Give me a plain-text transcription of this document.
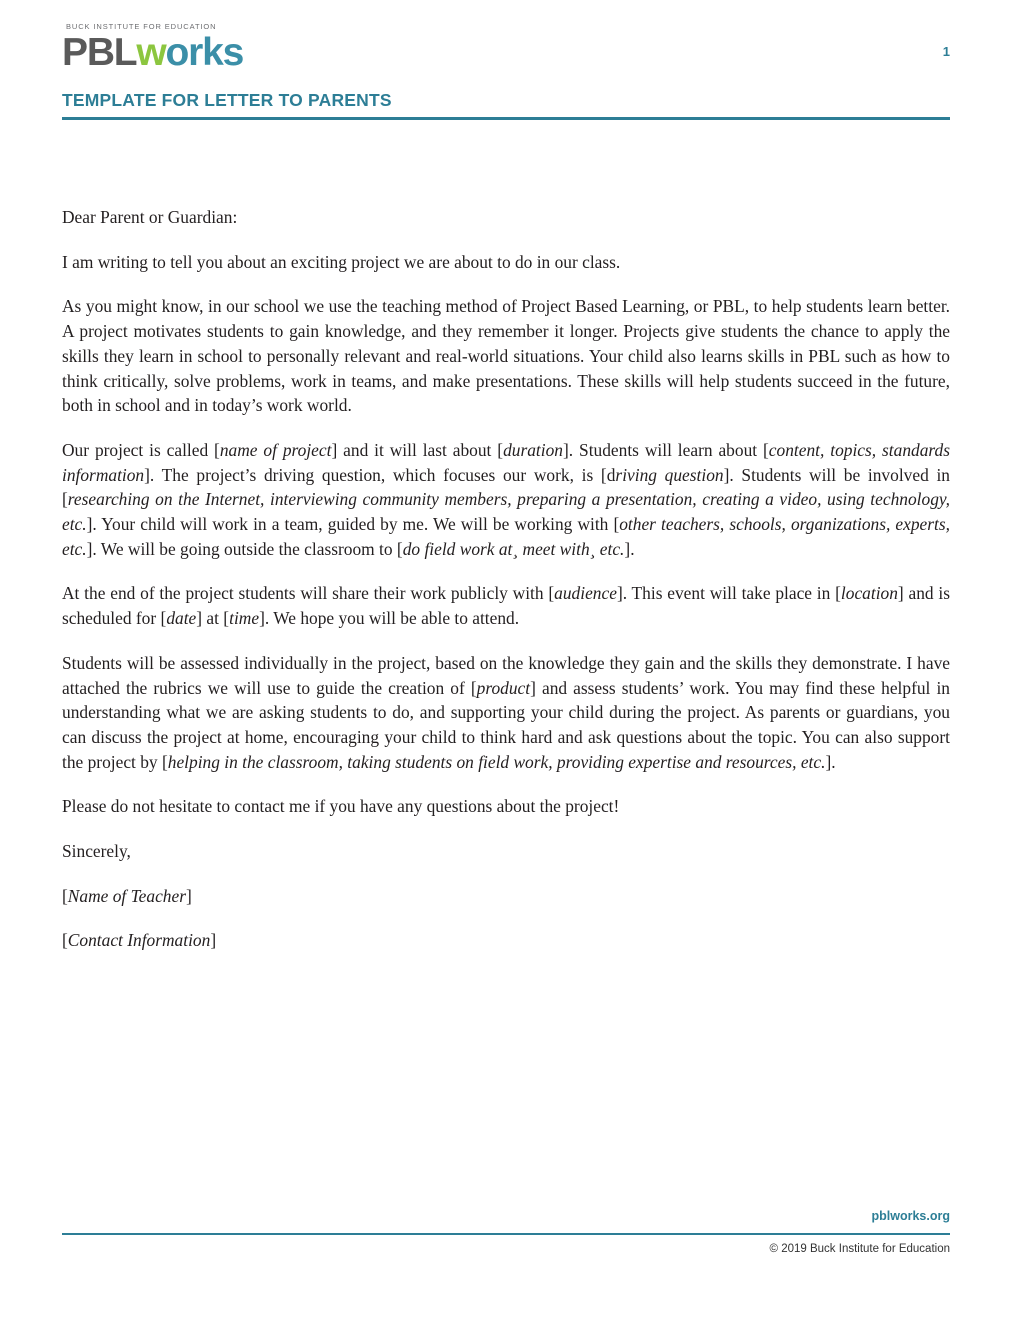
BUCK INSTITUTE FOR EDUCATION
PBLworks	1
TEMPLATE FOR LETTER TO PARENTS

Dear Parent or Guardian:

I am writing to tell you about an exciting project we are about to do in our class.

As you might know, in our school we use the teaching method of Project Based Learning, or PBL, to help students learn better. A project motivates students to gain knowledge, and they remember it longer. Projects give students the chance to apply the skills they learn in school to personally relevant and real-world situations. Your child also learns skills in PBL such as how to think critically, solve problems, work in teams, and make presentations. These skills will help students succeed in the future, both in school and in today’s work world.

Our project is called [name of project] and it will last about [duration]. Students will learn about [content, topics, standards information]. The project’s driving question, which focuses our work, is [driving question]. Students will be involved in [researching on the Internet, interviewing community members, preparing a presentation, creating a video, using technology, etc.]. Your child will work in a team, guided by me. We will be working with [other teachers, schools, organizations, experts, etc.]. We will be going outside the classroom to [do field work at¸ meet with¸ etc.].

At the end of the project students will share their work publicly with [audience]. This event will take place in [location] and is scheduled for [date] at [time]. We hope you will be able to attend.

Students will be assessed individually in the project, based on the knowledge they gain and the skills they demonstrate. I have attached the rubrics we will use to guide the creation of [product] and assess students’ work. You may find these helpful in understanding what we are asking students to do, and supporting your child during the project. As parents or guardians, you can discuss the project at home, encouraging your child to think hard and ask questions about the topic. You can also support the project by [helping in the classroom, taking students on field work, providing expertise and resources, etc.].

Please do not hesitate to contact me if you have any questions about the project!

Sincerely,

[Name of Teacher]

[Contact Information]

pblworks.org
© 2019 Buck Institute for Education
